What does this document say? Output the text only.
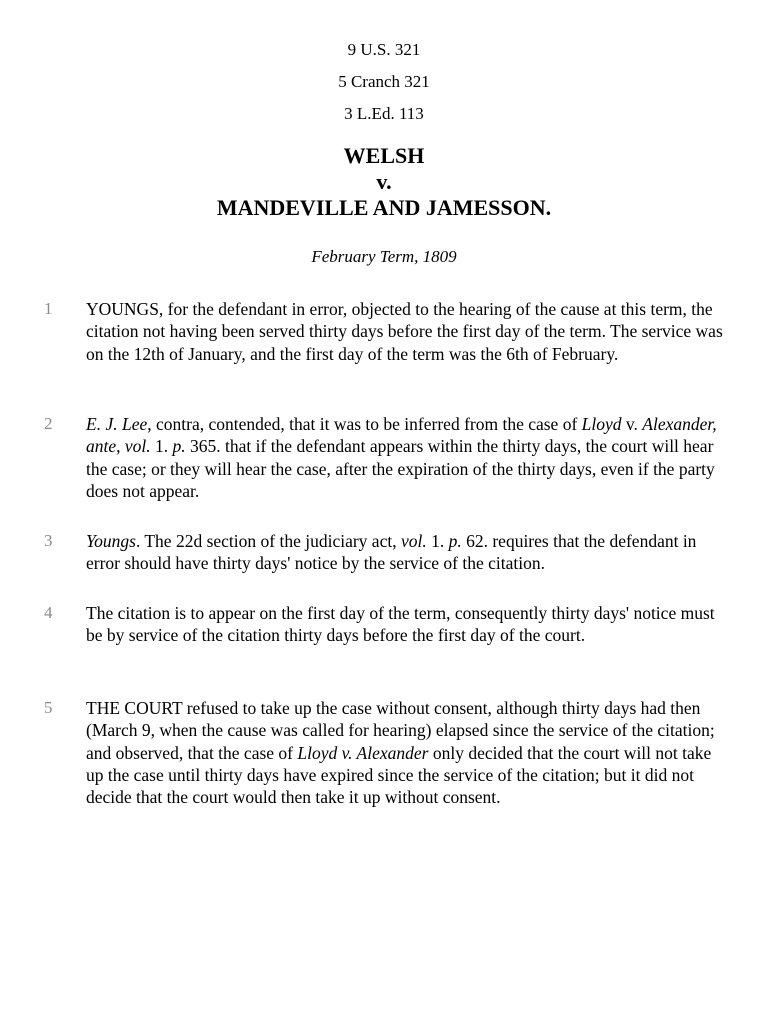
9 U.S. 321
5 Cranch 321
3 L.Ed. 113
WELSH
v.
MANDEVILLE AND JAMESSON.
February Term, 1809
1 YOUNGS, for the defendant in error, objected to the hearing of the cause at this term, the citation not having been served thirty days before the first day of the term. The service was on the 12th of January, and the first day of the term was the 6th of February.
2 E. J. Lee, contra, contended, that it was to be inferred from the case of Lloyd v. Alexander, ante, vol. 1. p. 365. that if the defendant appears within the thirty days, the court will hear the case; or they will hear the case, after the expiration of the thirty days, even if the party does not appear.
3 Youngs. The 22d section of the judiciary act, vol. 1. p. 62. requires that the defendant in error should have thirty days' notice by the service of the citation.
4 The citation is to appear on the first day of the term, consequently thirty days' notice must be by service of the citation thirty days before the first day of the court.
5 THE COURT refused to take up the case without consent, although thirty days had then (March 9, when the cause was called for hearing) elapsed since the service of the citation; and observed, that the case of Lloyd v. Alexander only decided that the court will not take up the case until thirty days have expired since the service of the citation; but it did not decide that the court would then take it up without consent.
